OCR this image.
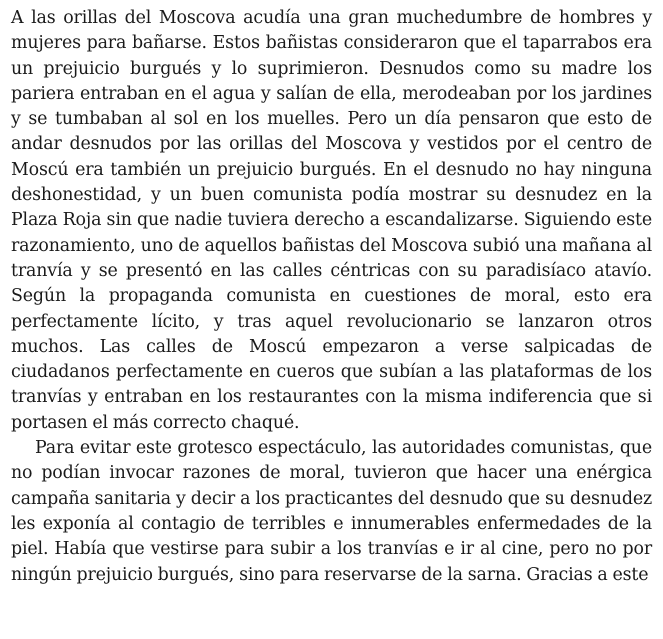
A las orillas del Moscova acudía una gran muchedumbre de hombres y mujeres para bañarse. Estos bañistas consideraron que el taparrabos era un prejuicio burgués y lo suprimieron. Desnudos como su madre los pariera entraban en el agua y salían de ella, merodeaban por los jardines y se tumbaban al sol en los muelles. Pero un día pensaron que esto de andar desnudos por las orillas del Moscova y vestidos por el centro de Moscú era también un prejuicio burgués. En el desnudo no hay ninguna deshonestidad, y un buen comunista podía mostrar su desnudez en la Plaza Roja sin que nadie tuviera derecho a escandalizarse. Siguiendo este razonamiento, uno de aquellos bañistas del Moscova subió una mañana al tranvía y se presentó en las calles céntricas con su paradisíaco atavío. Según la propaganda comunista en cuestiones de moral, esto era perfectamente lícito, y tras aquel revolucionario se lanzaron otros muchos. Las calles de Moscú empezaron a verse salpicadas de ciudadanos perfectamente en cueros que subían a las plataformas de los tranvías y entraban en los restaurantes con la misma indiferencia que si portasen el más correcto chaqué.

Para evitar este grotesco espectáculo, las autoridades comunistas, que no podían invocar razones de moral, tuvieron que hacer una enérgica campaña sanitaria y decir a los practicantes del desnudo que su desnudez les exponía al contagio de terribles e innumerables enfermedades de la piel. Había que vestirse para subir a los tranvías e ir al cine, pero no por ningún prejuicio burgués, sino para reservarse de la sarna. Gracias a este
